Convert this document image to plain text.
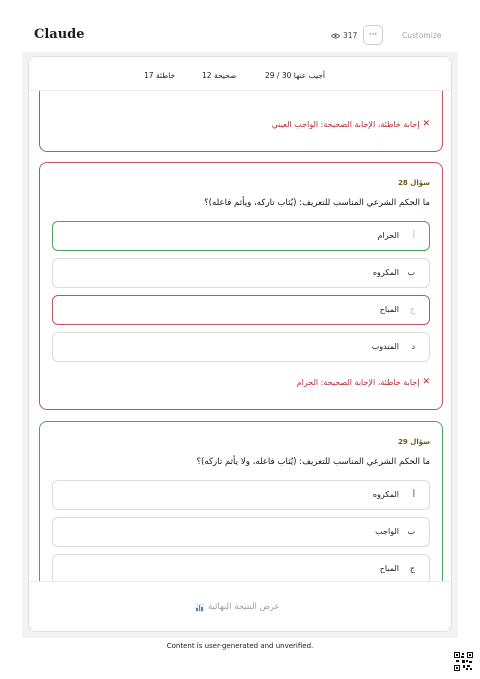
Claude	317	···	Customize
29 / 30 أجيب عنها
12 صحيحة
17 خاطئة
✕
إجابة خاطئة، الإجابة الصحيحة: الواجب العيني
سؤال 28
ما الحكم الشرعي المناسب للتعريف: (يُثاب تاركه، ويأثم فاعله)؟
أ
الحرام
ب
المكروه
ج
المباح
د
المندوب
✕
إجابة خاطئة، الإجابة الصحيحة: الحرام
سؤال 29
ما الحكم الشرعي المناسب للتعريف: (يُثاب فاعله، ولا يأثم تاركه)؟
أ
المكروه
ب
الواجب
ج
المباح
عرض النتيجة النهائية
Content is user-generated and unverified.
